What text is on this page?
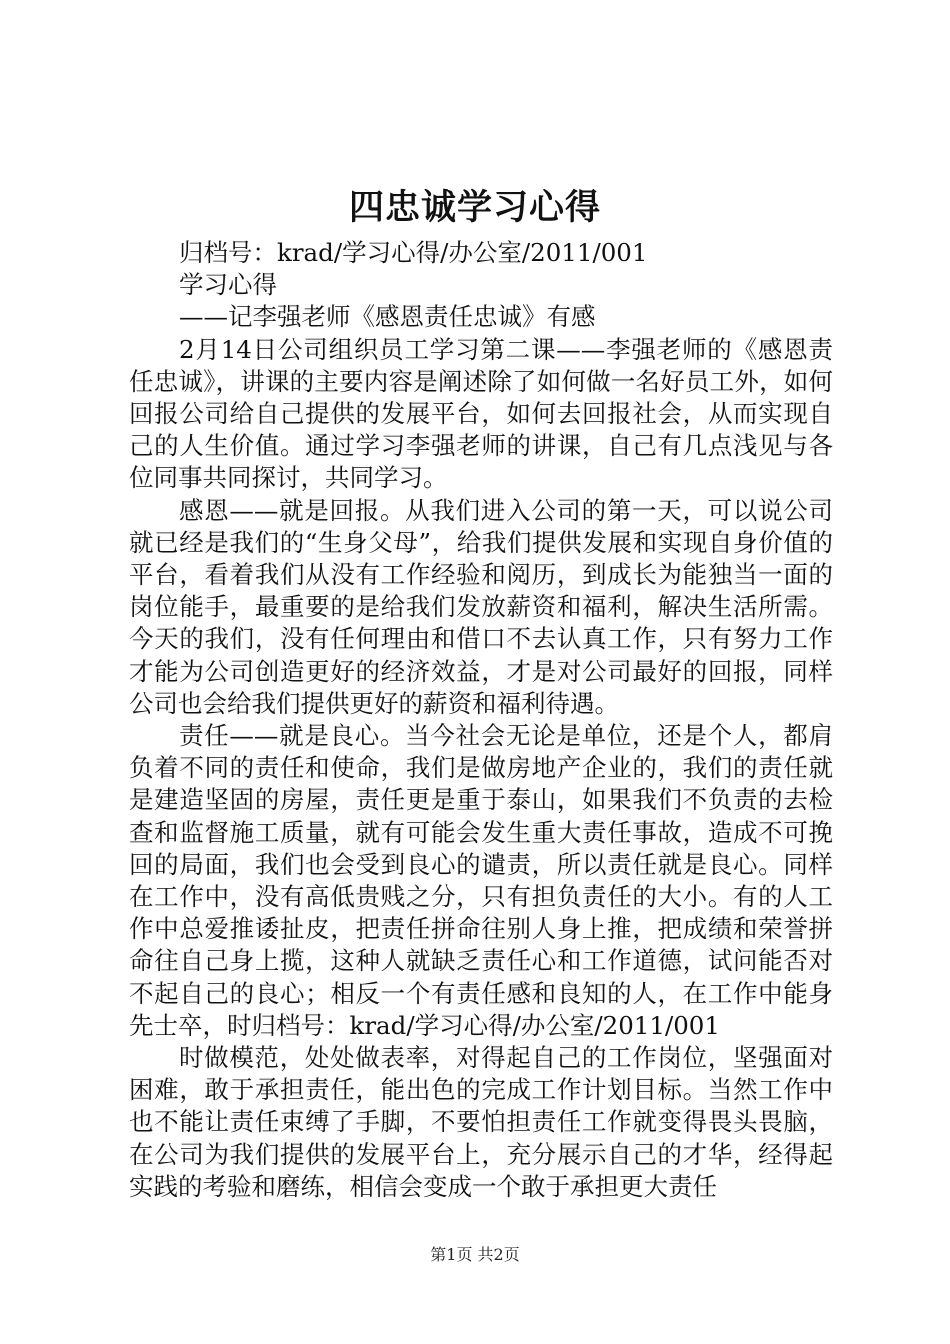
四忠诚学习心得

归档号：krad/学习心得/办公室/2011/001

学习心得

——记李强老师《感恩责任忠诚》有感

2月14日公司组织员工学习第二课——李强老师的《感恩责任忠诚》，讲课的主要内容是阐述除了如何做一名好员工外，如何回报公司给自己提供的发展平台，如何去回报社会，从而实现自己的人生价值。通过学习李强老师的讲课，自己有几点浅见与各位同事共同探讨，共同学习。

感恩——就是回报。从我们进入公司的第一天，可以说公司就已经是我们的“生身父母”，给我们提供发展和实现自身价值的平台，看着我们从没有工作经验和阅历，到成长为能独当一面的岗位能手，最重要的是给我们发放薪资和福利，解决生活所需。今天的我们，没有任何理由和借口不去认真工作，只有努力工作才能为公司创造更好的经济效益，才是对公司最好的回报，同样公司也会给我们提供更好的薪资和福利待遇。

责任——就是良心。当今社会无论是单位，还是个人，都肩负着不同的责任和使命，我们是做房地产企业的，我们的责任就是建造坚固的房屋，责任更是重于泰山，如果我们不负责的去检查和监督施工质量，就有可能会发生重大责任事故，造成不可挽回的局面，我们也会受到良心的谴责，所以责任就是良心。同样在工作中，没有高低贵贱之分，只有担负责任的大小。有的人工作中总爱推诿扯皮，把责任拼命往别人身上推，把成绩和荣誉拼命往自己身上揽，这种人就缺乏责任心和工作道德，试问能否对不起自己的良心；相反一个有责任感和良知的人，在工作中能身先士卒，时归档号：krad/学习心得/办公室/2011/001

时做模范，处处做表率，对得起自己的工作岗位，坚强面对困难，敢于承担责任，能出色的完成工作计划目标。当然工作中也不能让责任束缚了手脚，不要怕担责任工作就变得畏头畏脑，在公司为我们提供的发展平台上，充分展示自己的才华，经得起实践的考验和磨练，相信会变成一个敢于承担更大责任

第1页 共2页
